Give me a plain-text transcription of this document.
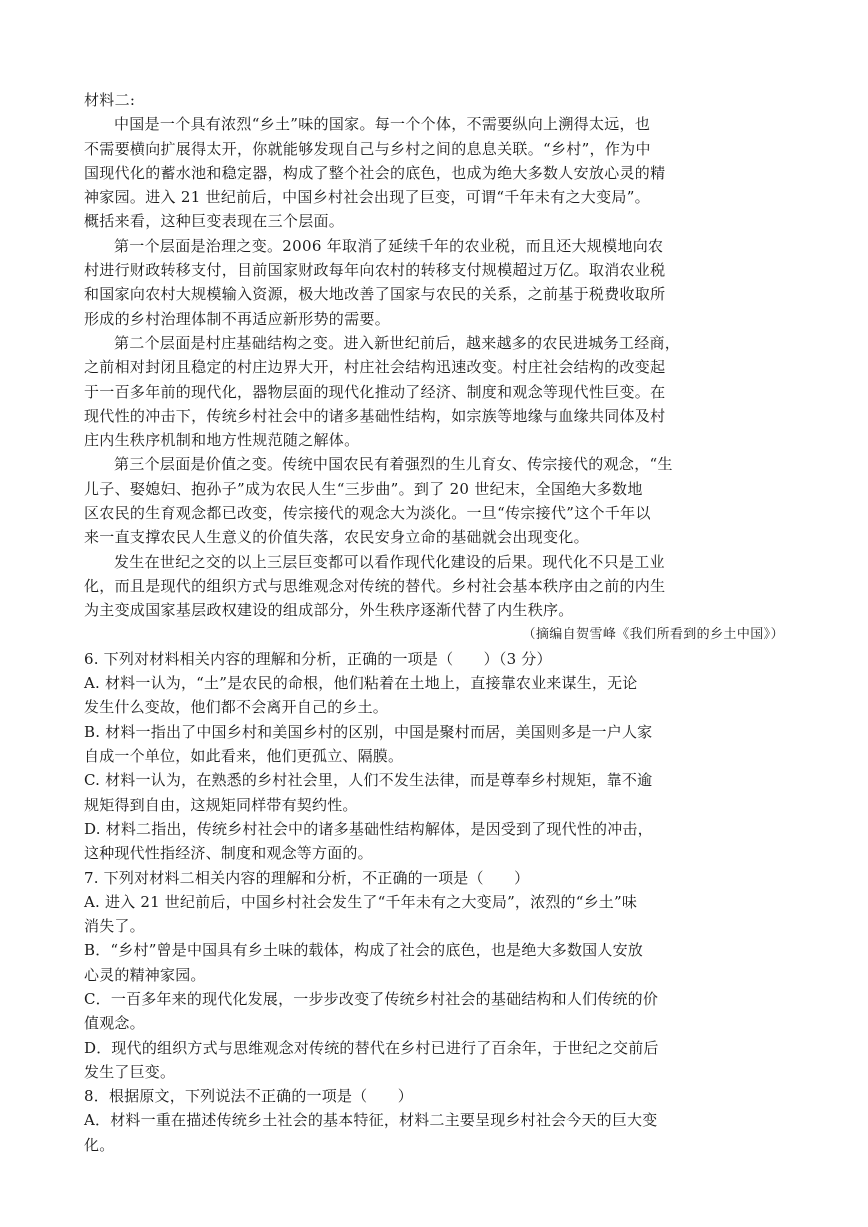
材料二:
中国是一个具有浓烈“乡土”味的国家。每一个个体，不需要纵向上溯得太远，也
不需要横向扩展得太开，你就能够发现自己与乡村之间的息息关联。“乡村”，作为中
国现代化的蓄水池和稳定器，构成了整个社会的底色，也成为绝大多数人安放心灵的精
神家园。进入 21 世纪前后，中国乡村社会出现了巨变，可谓“千年未有之大变局”。
概括来看，这种巨变表现在三个层面。
第一个层面是治理之变。2006 年取消了延续千年的农业税，而且还大规模地向农
村进行财政转移支付，目前国家财政每年向农村的转移支付规模超过万亿。取消农业税
和国家向农村大规模输入资源，极大地改善了国家与农民的关系，之前基于税费收取所
形成的乡村治理体制不再适应新形势的需要。
第二个层面是村庄基础结构之变。进入新世纪前后，越来越多的农民进城务工经商，
之前相对封闭且稳定的村庄边界大开，村庄社会结构迅速改变。村庄社会结构的改变起
于一百多年前的现代化，器物层面的现代化推动了经济、制度和观念等现代性巨变。在
现代性的冲击下，传统乡村社会中的诸多基础性结构，如宗族等地缘与血缘共同体及村
庄内生秩序机制和地方性规范随之解体。
第三个层面是价值之变。传统中国农民有着强烈的生儿育女、传宗接代的观念，“生
儿子、娶媳妇、抱孙子”成为农民人生“三步曲”。到了 20 世纪末，全国绝大多数地
区农民的生育观念都已改变，传宗接代的观念大为淡化。一旦“传宗接代”这个千年以
来一直支撑农民人生意义的价值失落，农民安身立命的基础就会出现变化。
发生在世纪之交的以上三层巨变都可以看作现代化建设的后果。现代化不只是工业
化，而且是现代的组织方式与思维观念对传统的替代。乡村社会基本秩序由之前的内生
为主变成国家基层政权建设的组成部分，外生秩序逐渐代替了内生秩序。
（摘编自贺雪峰《我们所看到的乡土中国》）
6. 下列对材料相关内容的理解和分析，正确的一项是（　　）（3 分）
A. 材料一认为，“土”是农民的命根，他们粘着在土地上，直接靠农业来谋生，无论
发生什么变故，他们都不会离开自己的乡土。
B. 材料一指出了中国乡村和美国乡村的区别，中国是聚村而居，美国则多是一户人家
自成一个单位，如此看来，他们更孤立、隔膜。
C. 材料一认为，在熟悉的乡村社会里，人们不发生法律，而是尊奉乡村规矩，靠不逾
规矩得到自由，这规矩同样带有契约性。
D. 材料二指出，传统乡村社会中的诸多基础性结构解体，是因受到了现代性的冲击，
这种现代性指经济、制度和观念等方面的。
7. 下列对材料二相关内容的理解和分析，不正确的一项是（　　）
A. 进入 21 世纪前后，中国乡村社会发生了“千年未有之大变局”，浓烈的“乡土”味
消失了。
B．“乡村”曾是中国具有乡土味的载体，构成了社会的底色，也是绝大多数国人安放
心灵的精神家园。
C．一百多年来的现代化发展，一步步改变了传统乡村社会的基础结构和人们传统的价
值观念。
D．现代的组织方式与思维观念对传统的替代在乡村已进行了百余年，于世纪之交前后
发生了巨变。
8．根据原文，下列说法不正确的一项是（　　）
A．材料一重在描述传统乡土社会的基本特征，材料二主要呈现乡村社会今天的巨大变
化。
